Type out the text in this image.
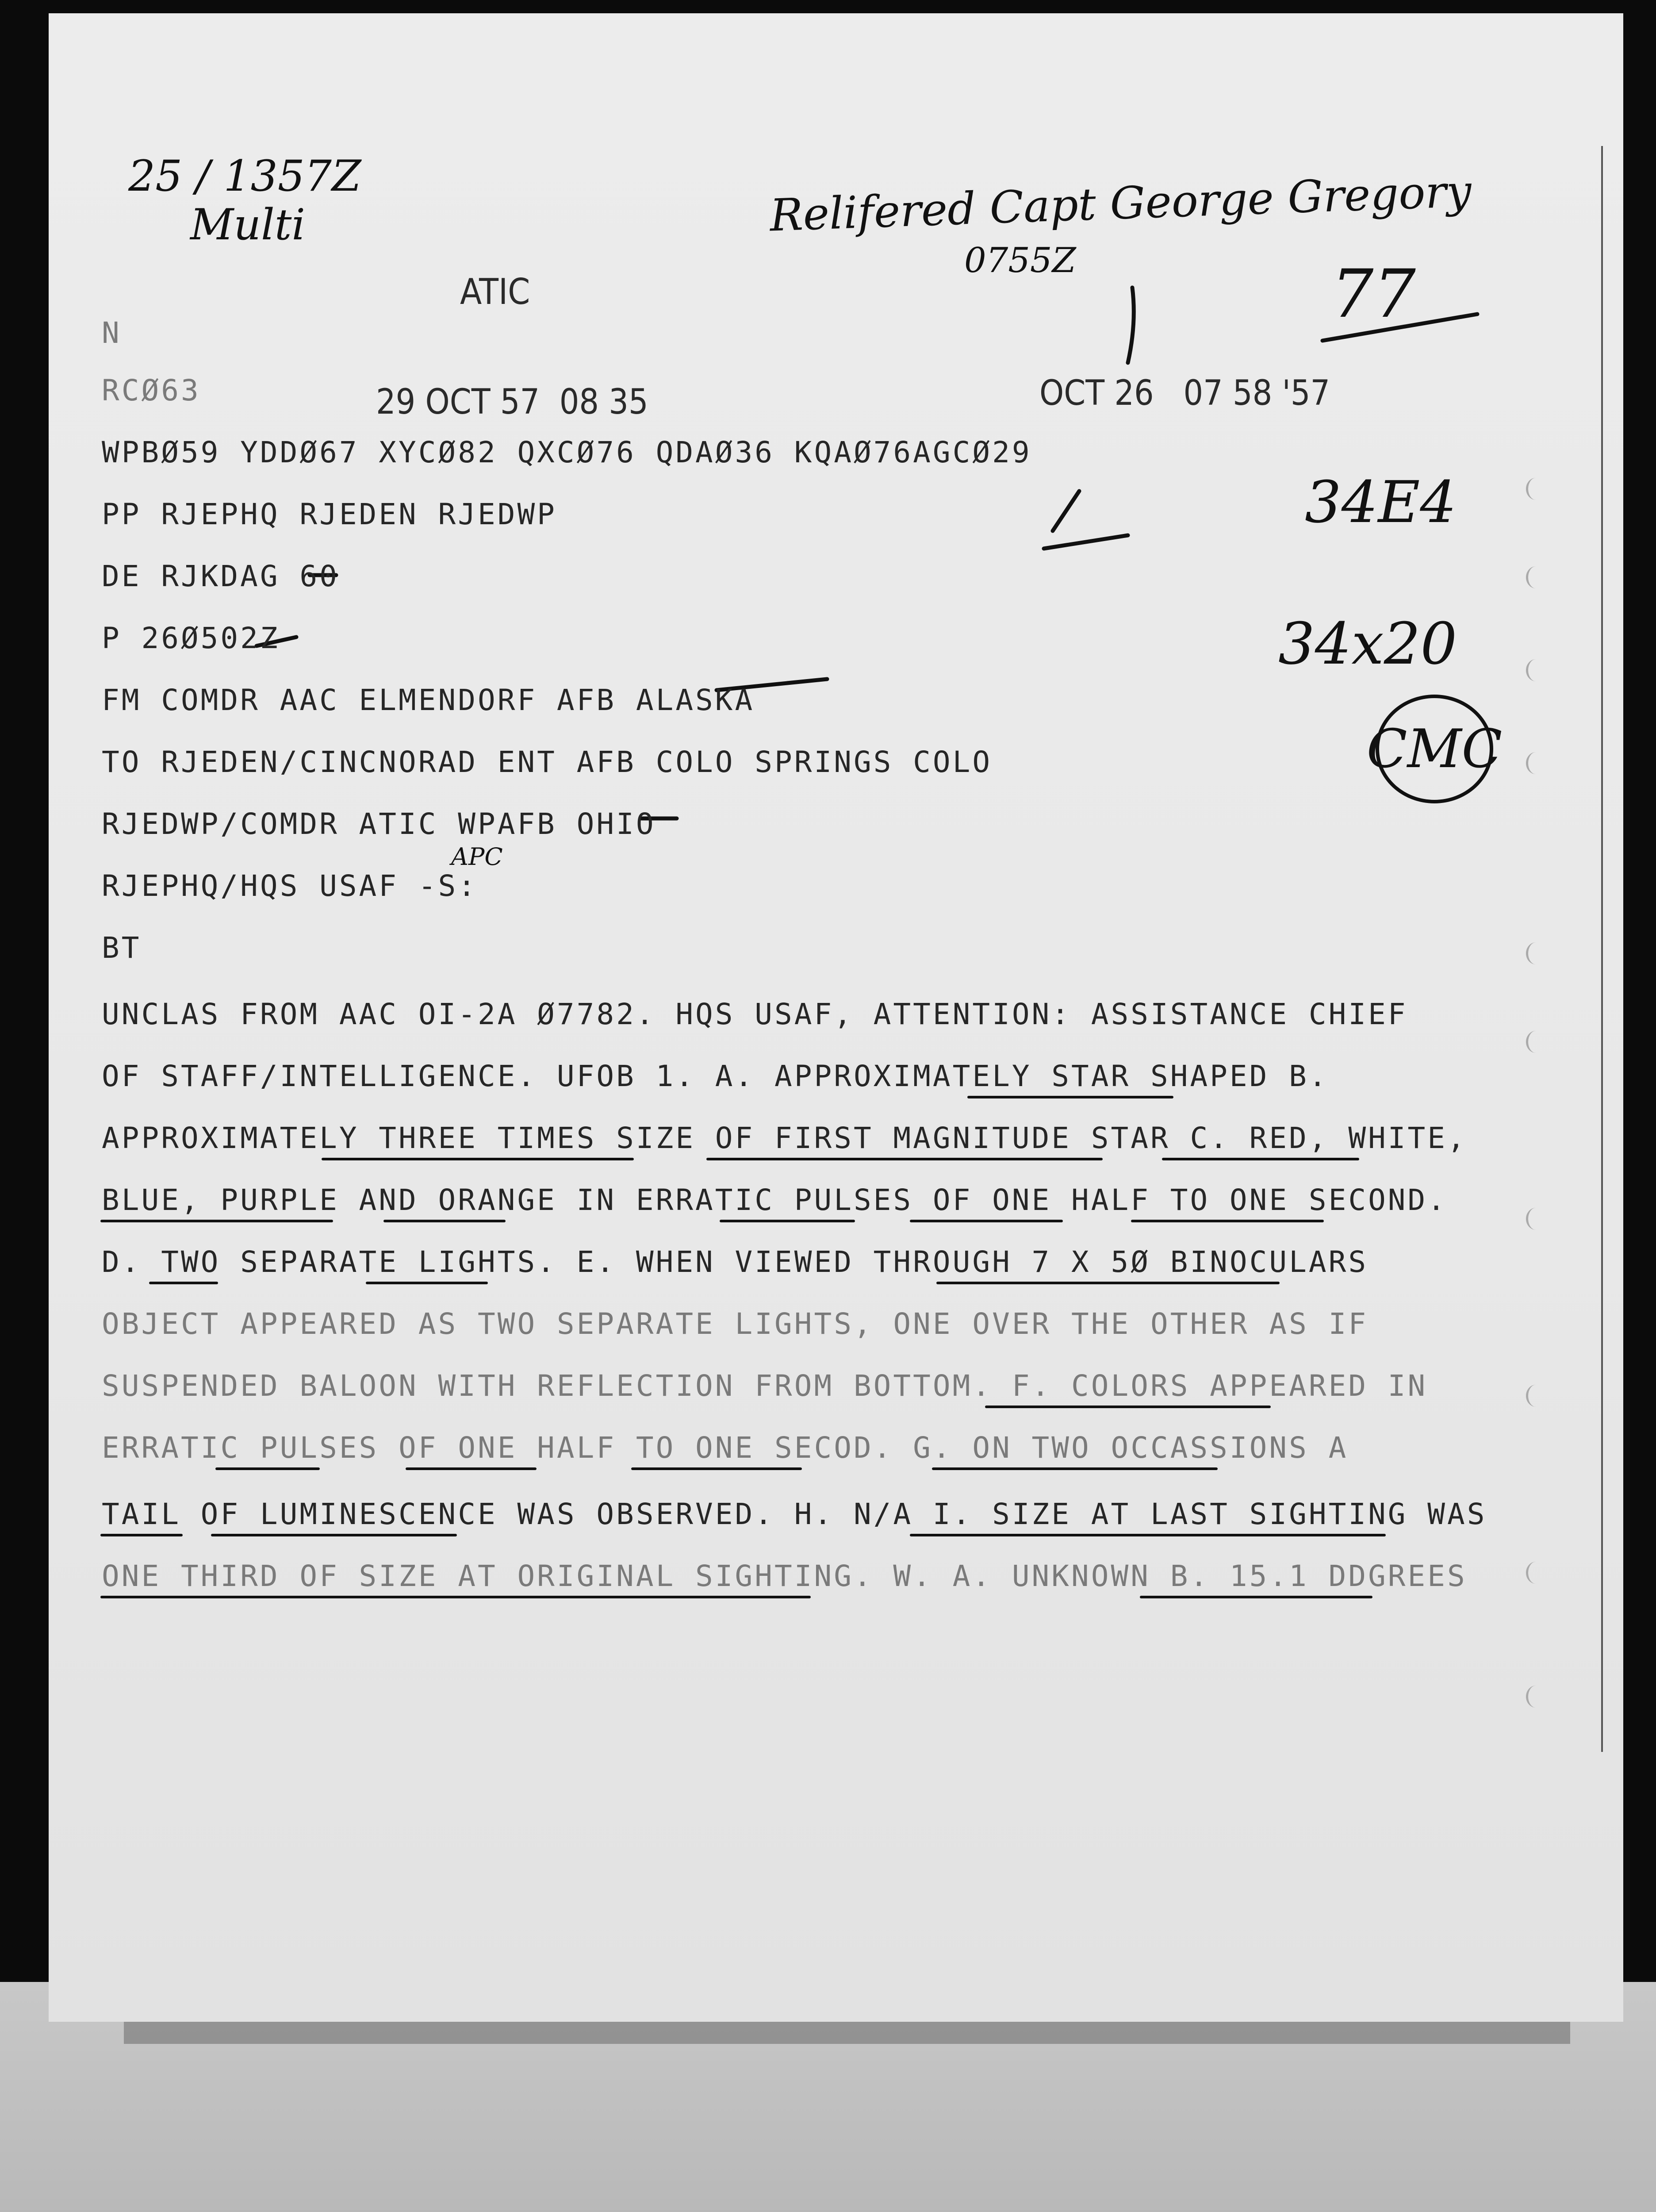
25 / 1357Z
Multi	Relifered Capt George Gregory
0755Z	77
34E4
34x20
CMC
APC
ATIC
29 OCT 57  08 35	OCT 26   07 58 '57
N
RCØ63
WPBØ59 YDDØ67 XYCØ82 QXCØ76 QDAØ36 KQAØ76AGCØ29
PP RJEPHQ RJEDEN RJEDWP
DE RJKDAG 60
P 26Ø502Z
FM COMDR AAC ELMENDORF AFB ALASKA
TO RJEDEN/CINCNORAD ENT AFB COLO SPRINGS COLO
RJEDWP/COMDR ATIC WPAFB OHIO
RJEPHQ/HQS USAF -S:
BT
UNCLAS FROM AAC OI-2A Ø7782. HQS USAF, ATTENTION: ASSISTANCE CHIEF
OF STAFF/INTELLIGENCE. UFOB 1. A. APPROXIMATELY STAR SHAPED B.
APPROXIMATELY THREE TIMES SIZE OF FIRST MAGNITUDE STAR C. RED, WHITE,
BLUE, PURPLE AND ORANGE IN ERRATIC PULSES OF ONE HALF TO ONE SECOND.
D. TWO SEPARATE LIGHTS. E. WHEN VIEWED THROUGH 7 X 5Ø BINOCULARS
OBJECT APPEARED AS TWO SEPARATE LIGHTS, ONE OVER THE OTHER AS IF
SUSPENDED BALOON WITH REFLECTION FROM BOTTOM. F. COLORS APPEARED IN
ERRATIC PULSES OF ONE HALF TO ONE SECOD. G. ON TWO OCCASSIONS A
TAIL OF LUMINESCENCE WAS OBSERVED. H. N/A I. SIZE AT LAST SIGHTING WAS
ONE THIRD OF SIZE AT ORIGINAL SIGHTING. W. A. UNKNOWN B. 15.1 DDGREES
